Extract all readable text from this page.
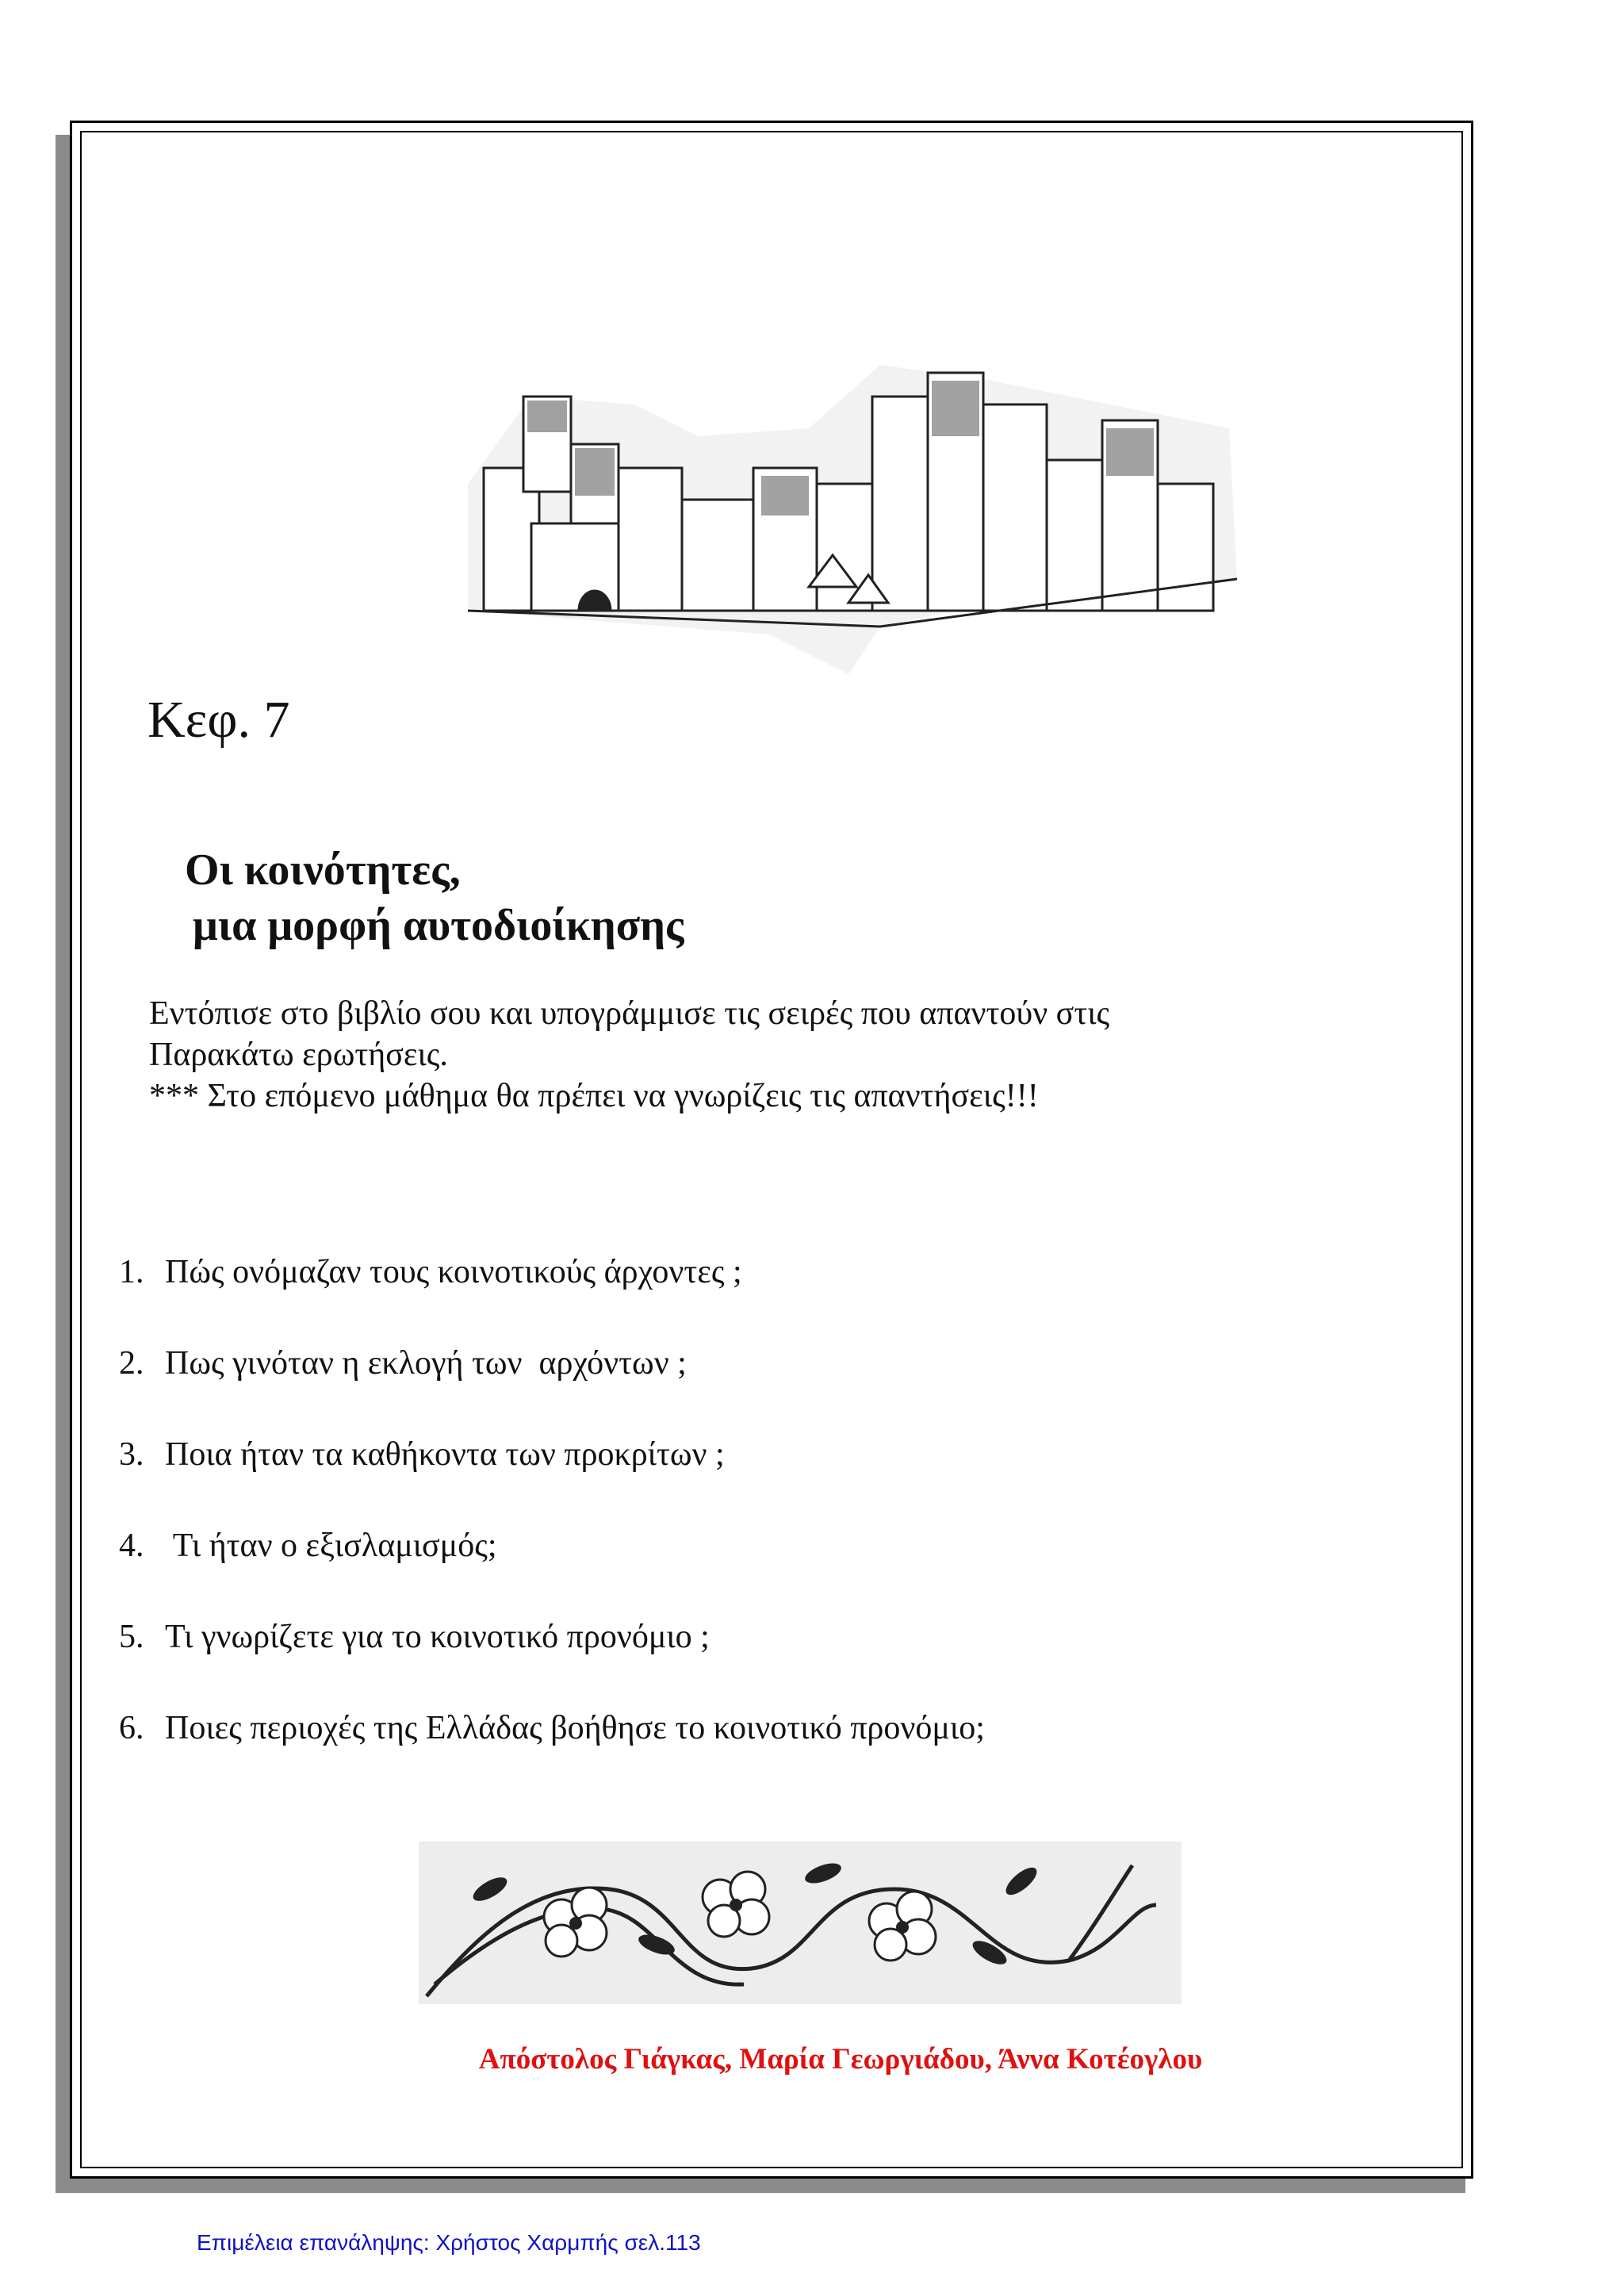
Κεφ. 7
Οι κοινότητες,
μια μορφή αυτοδιοίκησης
Εντόπισε στο βιβλίο σου και υπογράμμισε τις σειρές που απαντούν στις
Παρακάτω ερωτήσεις.
*** Στο επόμενο μάθημα θα πρέπει να γνωρίζεις τις απαντήσεις!!!
1. Πώς ονόμαζαν τους κοινοτικούς άρχοντες ;
2. Πως γινόταν η εκλογή των  αρχόντων ;
3. Ποια ήταν τα καθήκοντα των προκρίτων ;
4. Τι ήταν ο εξισλαμισμός;
5. Τι γνωρίζετε για το κοινοτικό προνόμιο ;
6. Ποιες περιοχές της Ελλάδας βοήθησε το κοινοτικό προνόμιο;
Απόστολος Γιάγκας, Μαρία Γεωργιάδου, Άννα Κοτέογλου
Επιμέλεια επανάληψης: Χρήστος Χαρμπής σελ.113
